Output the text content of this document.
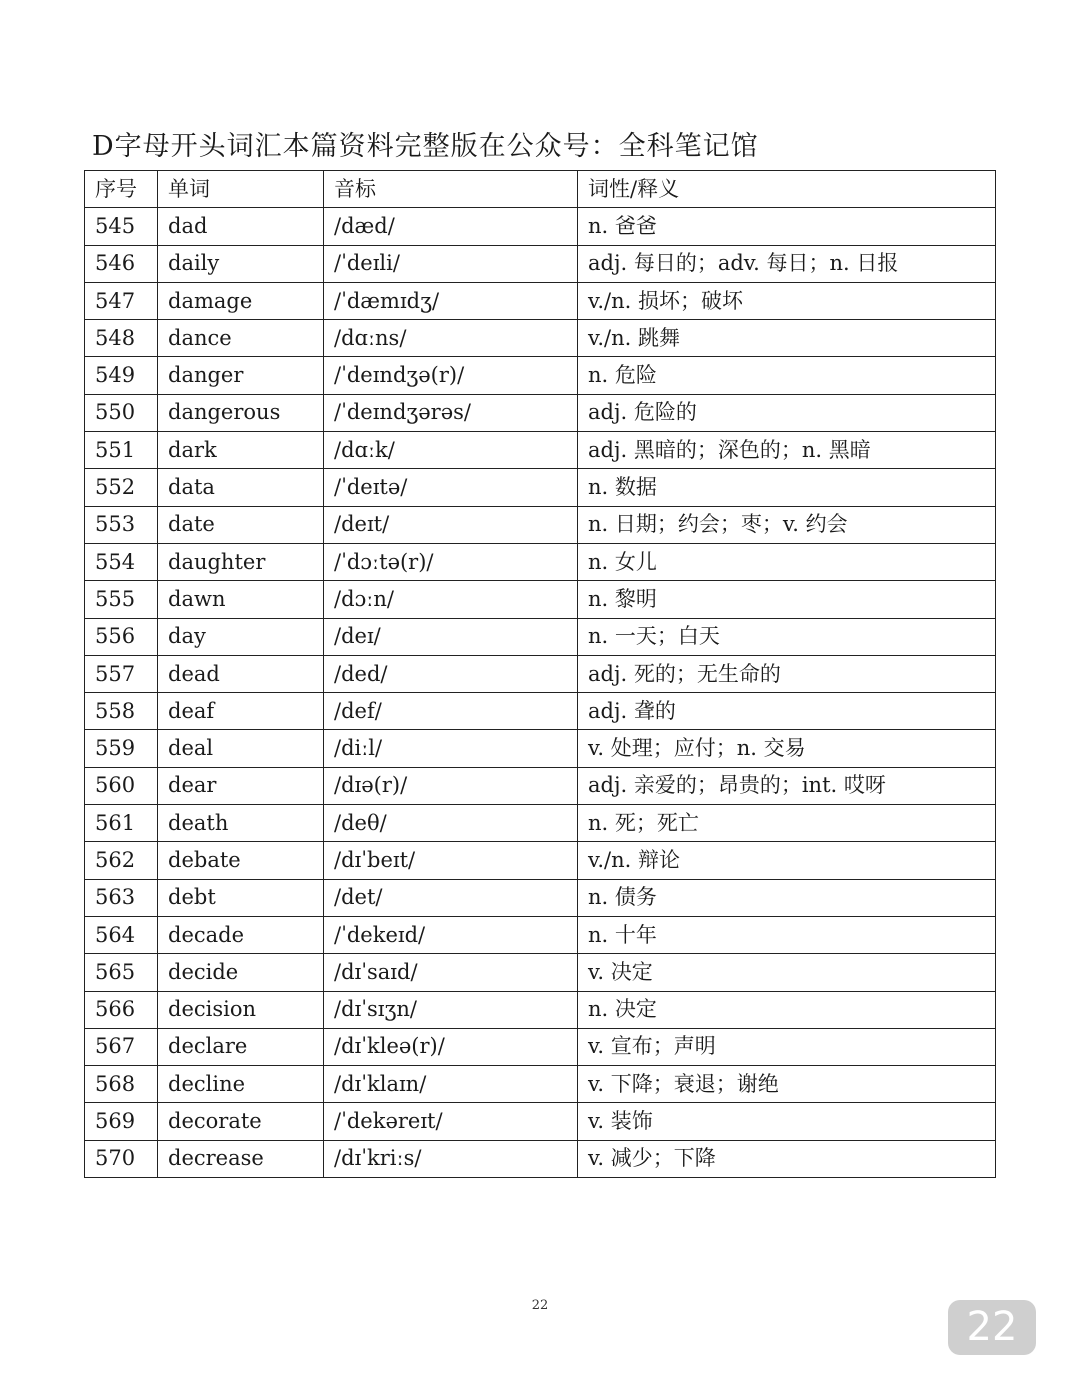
D字母开头词汇本篇资料完整版在公众号：全科笔记馆
序号	单词	音标	词性/释义
545	dad	/dæd/	n. 爸爸
546	daily	/ˈdeɪli/	adj. 每日的；adv. 每日；n. 日报
547	damage	/ˈdæmɪdʒ/	v./n. 损坏；破坏
548	dance	/dɑːns/	v./n. 跳舞
549	danger	/ˈdeɪndʒə(r)/	n. 危险
550	dangerous	/ˈdeɪndʒərəs/	adj. 危险的
551	dark	/dɑːk/	adj. 黑暗的；深色的；n. 黑暗
552	data	/ˈdeɪtə/	n. 数据
553	date	/deɪt/	n. 日期；约会；枣；v. 约会
554	daughter	/ˈdɔːtə(r)/	n. 女儿
555	dawn	/dɔːn/	n. 黎明
556	day	/deɪ/	n. 一天；白天
557	dead	/ded/	adj. 死的；无生命的
558	deaf	/def/	adj. 聋的
559	deal	/diːl/	v. 处理；应付；n. 交易
560	dear	/dɪə(r)/	adj. 亲爱的；昂贵的；int. 哎呀
561	death	/deθ/	n. 死；死亡
562	debate	/dɪˈbeɪt/	v./n. 辩论
563	debt	/det/	n. 债务
564	decade	/ˈdekeɪd/	n. 十年
565	decide	/dɪˈsaɪd/	v. 决定
566	decision	/dɪˈsɪʒn/	n. 决定
567	declare	/dɪˈkleə(r)/	v. 宣布；声明
568	decline	/dɪˈklaɪn/	v. 下降；衰退；谢绝
569	decorate	/ˈdekəreɪt/	v. 装饰
570	decrease	/dɪˈkriːs/	v. 减少；下降
22	22
